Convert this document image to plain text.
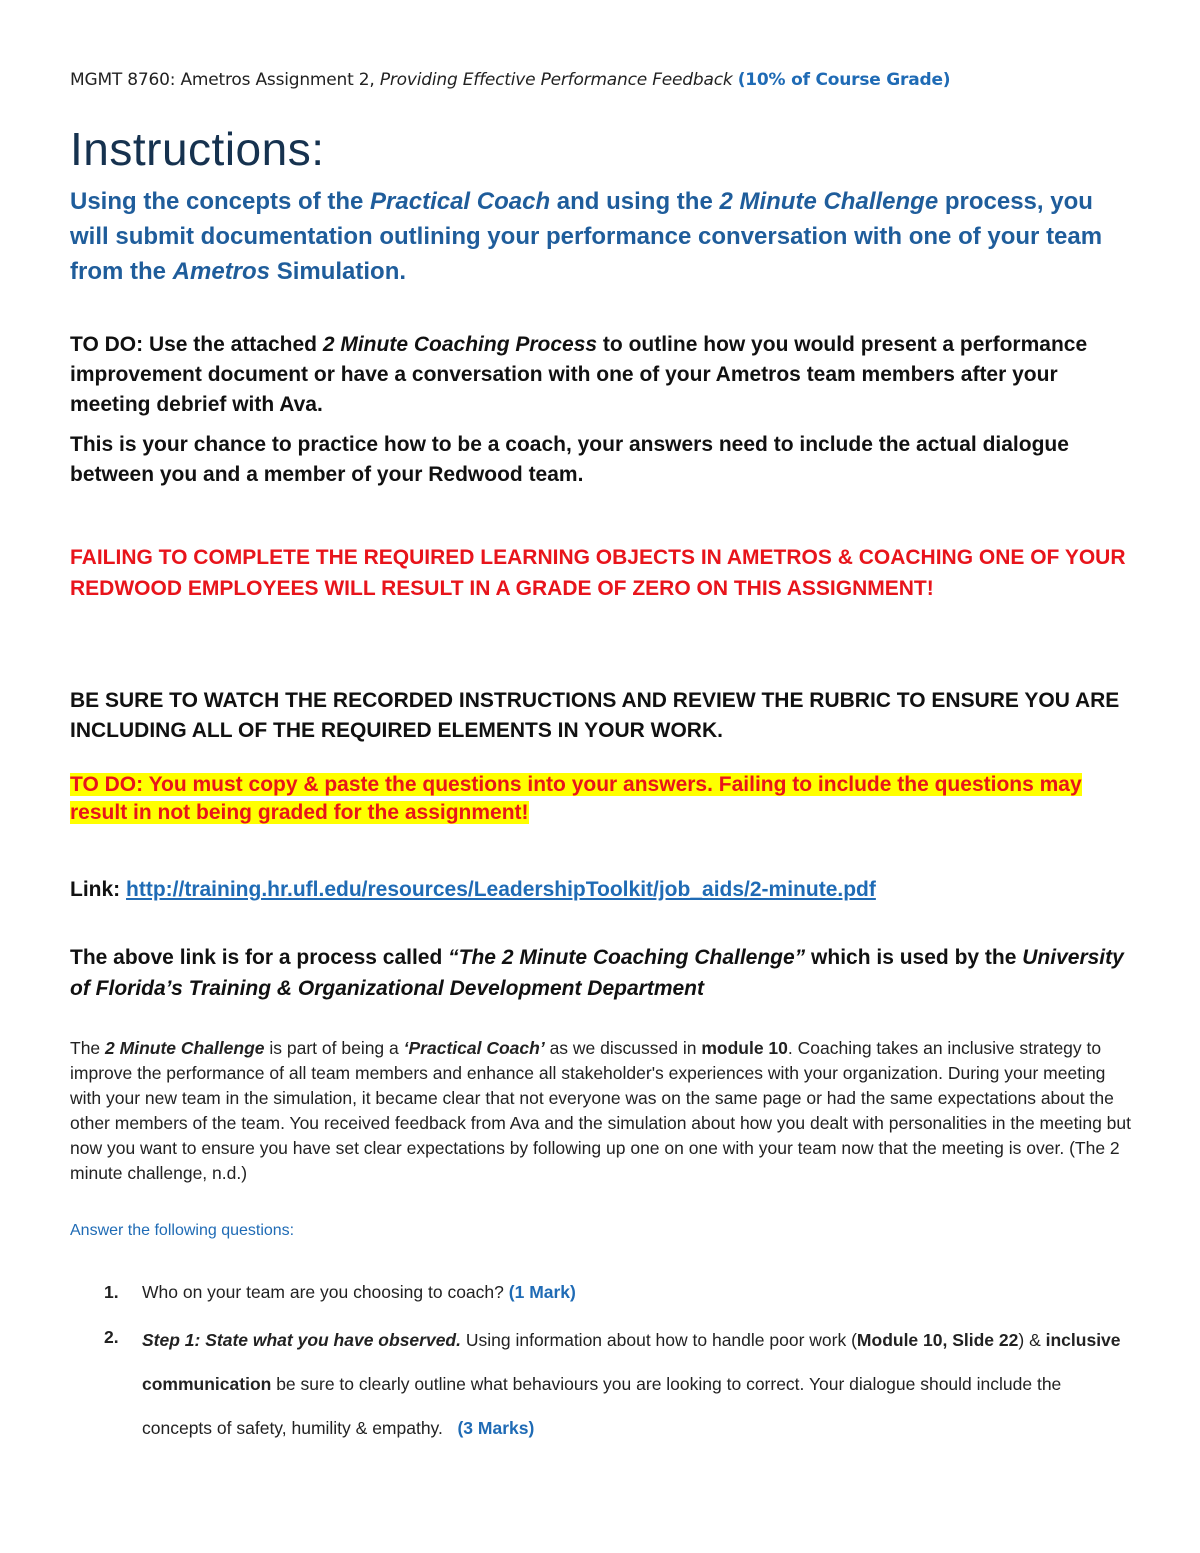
MGMT 8760: Ametros Assignment 2, Providing Effective Performance Feedback (10% of Course Grade)
Instructions:
Using the concepts of the Practical Coach and using the 2 Minute Challenge process, you will submit documentation outlining your performance conversation with one of your team from the Ametros Simulation.
TO DO: Use the attached 2 Minute Coaching Process to outline how you would present a performance improvement document or have a conversation with one of your Ametros team members after your meeting debrief with Ava.
This is your chance to practice how to be a coach, your answers need to include the actual dialogue between you and a member of your Redwood team.
FAILING TO COMPLETE THE REQUIRED LEARNING OBJECTS IN AMETROS & COACHING ONE OF YOUR REDWOOD EMPLOYEES WILL RESULT IN A GRADE OF ZERO ON THIS ASSIGNMENT!
BE SURE TO WATCH THE RECORDED INSTRUCTIONS AND REVIEW THE RUBRIC TO ENSURE YOU ARE INCLUDING ALL OF THE REQUIRED ELEMENTS IN YOUR WORK.
TO DO: You must copy & paste the questions into your answers. Failing to include the questions may result in not being graded for the assignment!
Link: http://training.hr.ufl.edu/resources/LeadershipToolkit/job_aids/2-minute.pdf
The above link is for a process called “The 2 Minute Coaching Challenge” which is used by the University of Florida’s Training & Organizational Development Department
The 2 Minute Challenge is part of being a ‘Practical Coach’ as we discussed in module 10. Coaching takes an inclusive strategy to improve the performance of all team members and enhance all stakeholder's experiences with your organization. During your meeting with your new team in the simulation, it became clear that not everyone was on the same page or had the same expectations about the other members of the team. You received feedback from Ava and the simulation about how you dealt with personalities in the meeting but now you want to ensure you have set clear expectations by following up one on one with your team now that the meeting is over. (The 2 minute challenge, n.d.)
Answer the following questions:
1. Who on your team are you choosing to coach? (1 Mark)
2. Step 1: State what you have observed. Using information about how to handle poor work (Module 10, Slide 22) & inclusive communication be sure to clearly outline what behaviours you are looking to correct. Your dialogue should include the concepts of safety, humility & empathy. (3 Marks)
